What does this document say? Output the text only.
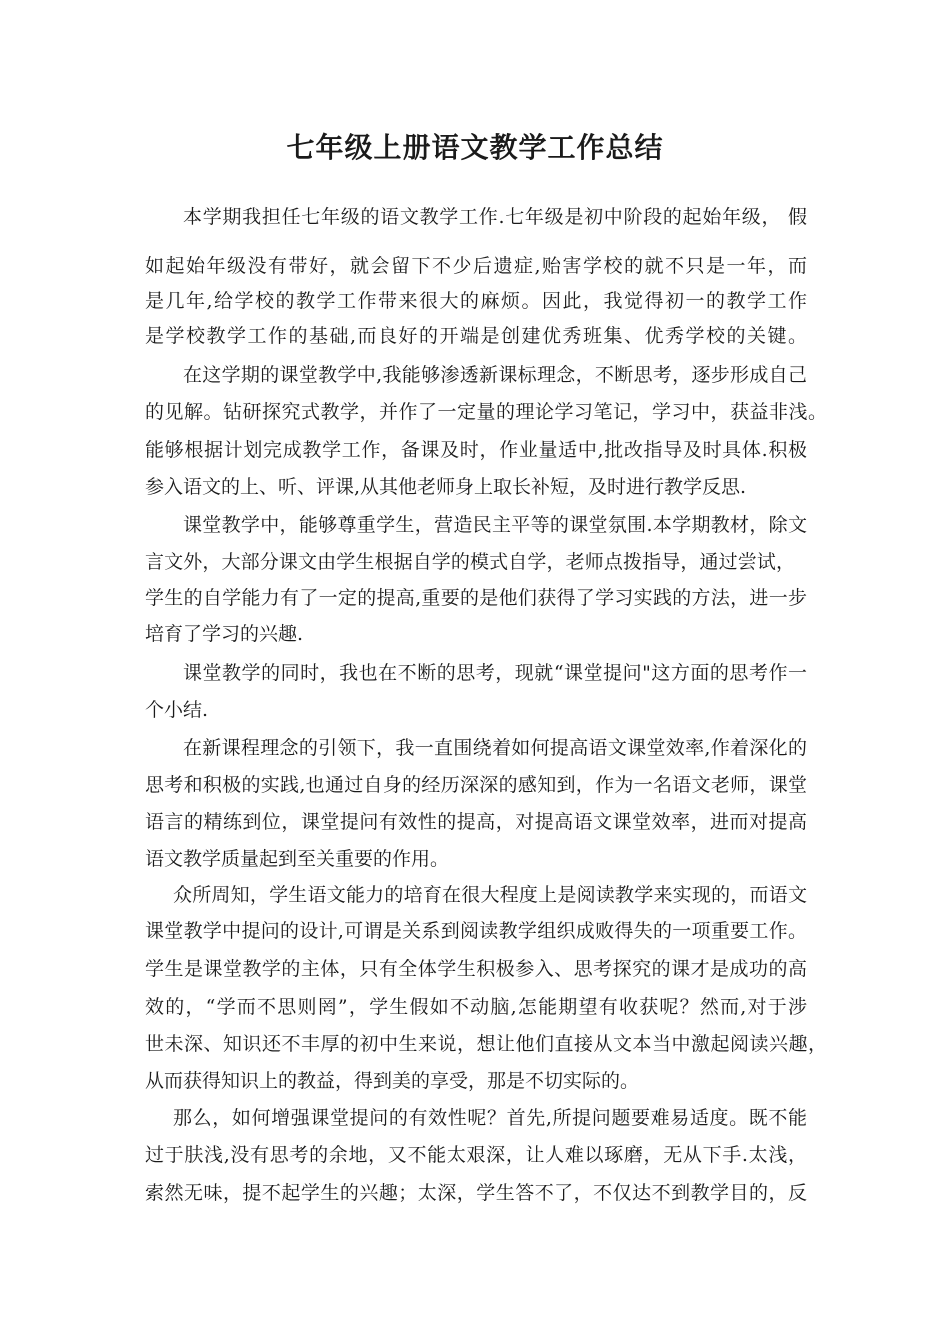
七年级上册语文教学工作总结
本学期我担任七年级的语文教学工作.七年级是初中阶段的起始年级， 假
如起始年级没有带好，就会留下不少后遗症,贻害学校的就不只是一年，而
是几年,给学校的教学工作带来很大的麻烦。因此，我觉得初一的教学工作
是学校教学工作的基础,而良好的开端是创建优秀班集、优秀学校的关键。
在这学期的课堂教学中,我能够渗透新课标理念，不断思考，逐步形成自己
的见解。钻研探究式教学，并作了一定量的理论学习笔记，学习中，获益非浅。
能够根据计划完成教学工作，备课及时，作业量适中,批改指导及时具体.积极
参入语文的上、听、评课,从其他老师身上取长补短，及时进行教学反思.
课堂教学中，能够尊重学生，营造民主平等的课堂氛围.本学期教材，除文
言文外，大部分课文由学生根据自学的模式自学，老师点拨指导，通过尝试，
学生的自学能力有了一定的提高,重要的是他们获得了学习实践的方法，进一步
培育了学习的兴趣.
课堂教学的同时，我也在不断的思考，现就“课堂提问"这方面的思考作一
个小结.
在新课程理念的引领下，我一直围绕着如何提高语文课堂效率,作着深化的
思考和积极的实践,也通过自身的经历深深的感知到，作为一名语文老师，课堂
语言的精练到位，课堂提问有效性的提高，对提高语文课堂效率，进而对提高
语文教学质量起到至关重要的作用。
众所周知，学生语文能力的培育在很大程度上是阅读教学来实现的，而语文
课堂教学中提问的设计,可谓是关系到阅读教学组织成败得失的一项重要工作。
学生是课堂教学的主体，只有全体学生积极参入、思考探究的课才是成功的高
效的，“学而不思则罔”，学生假如不动脑,怎能期望有收获呢？然而,对于涉
世未深、知识还不丰厚的初中生来说，想让他们直接从文本当中激起阅读兴趣，
从而获得知识上的教益，得到美的享受，那是不切实际的。
那么，如何增强课堂提问的有效性呢？首先,所提问题要难易适度。既不能
过于肤浅,没有思考的余地，又不能太艰深，让人难以琢磨，无从下手.太浅，
索然无味，提不起学生的兴趣；太深，学生答不了，不仅达不到教学目的，反
